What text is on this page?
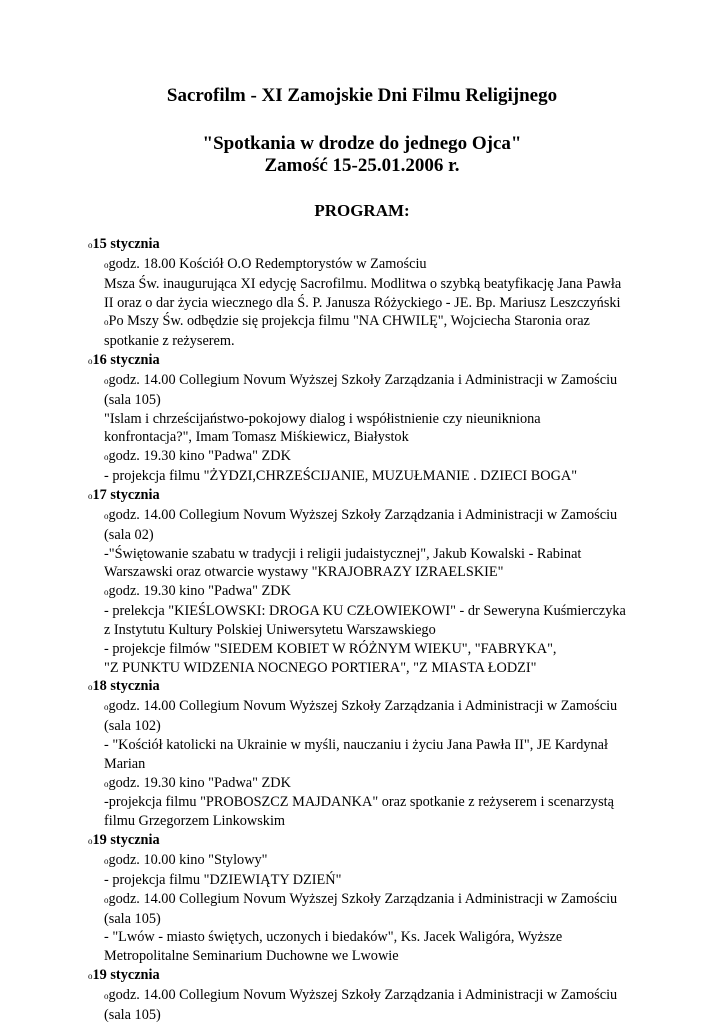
Sacrofilm - XI Zamojskie Dni Filmu Religijnego
"Spotkania w drodze do jednego Ojca"
Zamość 15-25.01.2006 r.
PROGRAM:
o15 stycznia
ogodz. 18.00 Kościół O.O Redemptorystów w Zamościu
Msza Św. inaugurująca XI edycję Sacrofilmu. Modlitwa o szybką beatyfikację Jana Pawła
II oraz o dar życia wiecznego dla Ś. P. Janusza Różyckiego - JE. Bp. Mariusz Leszczyński
oPo Mszy Św. odbędzie się projekcja filmu "NA CHWILĘ", Wojciecha Staronia oraz
spotkanie z reżyserem.
o16 stycznia
ogodz. 14.00 Collegium Novum Wyższej Szkoły Zarządzania i Administracji w Zamościu
(sala 105)
"Islam i chrześcijaństwo-pokojowy dialog i współistnienie czy nieunikniona
konfrontacja?", Imam Tomasz Miśkiewicz, Białystok
ogodz. 19.30 kino "Padwa" ZDK
- projekcja filmu "ŻYDZI,CHRZEŚCIJANIE, MUZUŁMANIE . DZIECI BOGA"
o17 stycznia
ogodz. 14.00 Collegium Novum Wyższej Szkoły Zarządzania i Administracji w Zamościu
(sala 02)
-"Świętowanie szabatu w tradycji i religii judaistycznej", Jakub Kowalski - Rabinat
Warszawski oraz otwarcie wystawy "KRAJOBRAZY IZRAELSKIE"
ogodz. 19.30 kino "Padwa" ZDK
- prelekcja "KIEŚLOWSKI: DROGA KU CZŁOWIEKOWI" - dr Seweryna Kuśmierczyka
z Instytutu Kultury Polskiej Uniwersytetu Warszawskiego
- projekcje filmów "SIEDEM KOBIET W RÓŻNYM WIEKU", "FABRYKA",
"Z PUNKTU WIDZENIA NOCNEGO PORTIERA", "Z MIASTA ŁODZI"
o18 stycznia
ogodz. 14.00 Collegium Novum Wyższej Szkoły Zarządzania i Administracji w Zamościu
(sala 102)
- "Kościół katolicki na Ukrainie w myśli, nauczaniu i życiu Jana Pawła II", JE Kardynał
Marian
ogodz. 19.30 kino "Padwa" ZDK
-projekcja filmu "PROBOSZCZ MAJDANKA" oraz spotkanie z reżyserem i scenarzystą
filmu Grzegorzem Linkowskim
o19 stycznia
ogodz. 10.00 kino "Stylowy"
- projekcja filmu "DZIEWIĄTY DZIEŃ"
ogodz. 14.00 Collegium Novum Wyższej Szkoły Zarządzania i Administracji w Zamościu
(sala 105)
- "Lwów - miasto świętych, uczonych i biedaków", Ks. Jacek Waligóra, Wyższe
Metropolitalne Seminarium Duchowne we Lwowie
o19 stycznia
ogodz. 14.00 Collegium Novum Wyższej Szkoły Zarządzania i Administracji w Zamościu
(sala 105)
